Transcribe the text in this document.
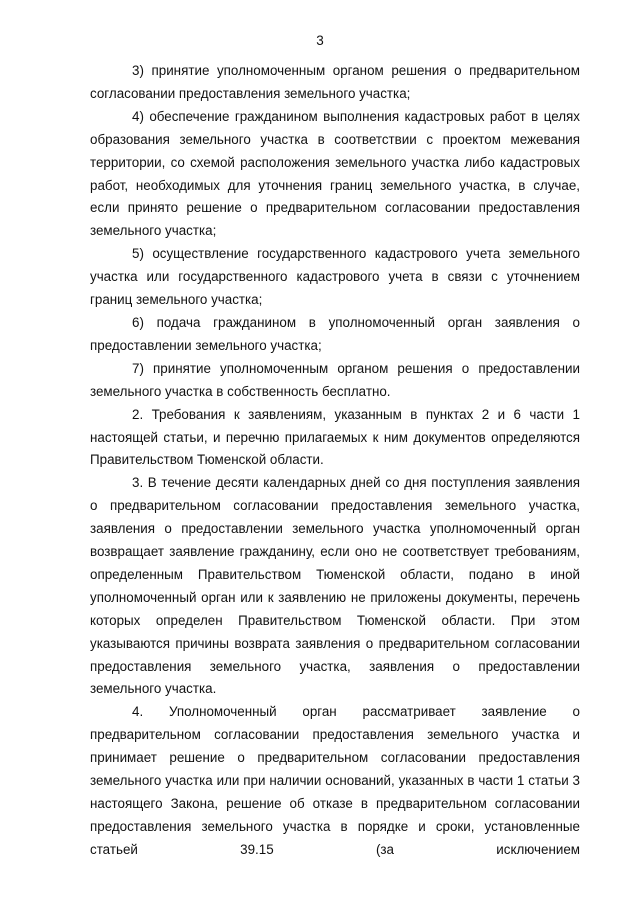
3

3) принятие уполномоченным органом решения о предварительном согласовании предоставления земельного участка;

4) обеспечение гражданином выполнения кадастровых работ в целях образования земельного участка в соответствии с проектом межевания территории, со схемой расположения земельного участка либо кадастровых работ, необходимых для уточнения границ земельного участка, в случае, если принято решение о предварительном согласовании предоставления земельного участка;

5) осуществление государственного кадастрового учета земельного участка или государственного кадастрового учета в связи с уточнением границ земельного участка;

6) подача гражданином в уполномоченный орган заявления о предоставлении земельного участка;

7) принятие уполномоченным органом решения о предоставлении земельного участка в собственность бесплатно.

2. Требования к заявлениям, указанным в пунктах 2 и 6 части 1 настоящей статьи, и перечню прилагаемых к ним документов определяются Правительством Тюменской области.

3. В течение десяти календарных дней со дня поступления заявления о предварительном согласовании предоставления земельного участка, заявления о предоставлении земельного участка уполномоченный орган возвращает заявление гражданину, если оно не соответствует требованиям, определенным Правительством Тюменской области, подано в иной уполномоченный орган или к заявлению не приложены документы, перечень которых определен Правительством Тюменской области. При этом указываются причины возврата заявления о предварительном согласовании предоставления земельного участка, заявления о предоставлении земельного участка.

4. Уполномоченный орган рассматривает заявление о предварительном согласовании предоставления земельного участка и принимает решение о предварительном согласовании предоставления земельного участка или при наличии оснований, указанных в части 1 статьи 3 настоящего Закона, решение об отказе в предварительном согласовании предоставления земельного участка в порядке и сроки, установленные статьей 39.15 (за исключением
